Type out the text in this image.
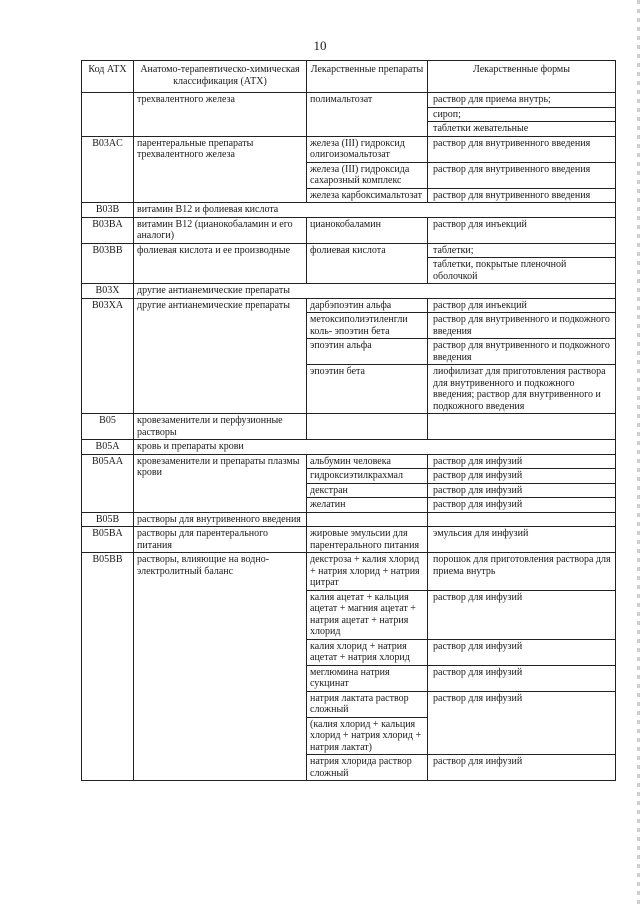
10
Код АТХ	Анатомо-терапевтическо-химическая классификация (АТХ)	Лекарственные препараты	Лекарственные формы
	трехвалентного железа	полимальтозат	раствор для приема внутрь;
			сироп;
			таблетки жевательные
B03AC	парентеральные препараты трехвалентного железа	железа (III) гидроксид олигоизомальтозат	раствор для внутривенного введения
		железа (III) гидроксида сахарозный комплекс	раствор для внутривенного введения
		железа карбоксимальтозат	раствор для внутривенного введения
B03B	витамин B12 и фолиевая кислота		
B03BA	витамин B12 (цианокобаламин и его аналоги)	цианокобаламин	раствор для инъекций
B03BB	фолиевая кислота и ее производные	фолиевая кислота	таблетки;
			таблетки, покрытые пленочной оболочкой
B03X	другие антианемические препараты		
B03XA	другие антианемические препараты	дарбэпоэтин альфа	раствор для инъекций
		метоксиполиэтиленгли коль- эпоэтин бета	раствор для внутривенного и подкожного введения
		эпоэтин альфа	раствор для внутривенного и подкожного введения
		эпоэтин бета	лиофилизат для приготовления раствора для внутривенного и подкожного введения; раствор для внутривенного и подкожного введения
B05	кровезаменители и перфузионные растворы		
B05A	кровь и препараты крови		
B05AA	кровезаменители и препараты плазмы крови	альбумин человека	раствор для инфузий
		гидроксиэтилкрахмал	раствор для инфузий
		декстран	раствор для инфузий
		желатин	раствор для инфузий
B05B	растворы для внутривенного введения		
B05BA	растворы для парентерального питания	жировые эмульсии для парентерального питания	эмульсия для инфузий
B05BB	растворы, влияющие на водно-электролитный баланс	декстроза + калия хлорид + натрия хлорид + натрия цитрат	порошок для приготовления раствора для приема внутрь
		калия ацетат + кальция ацетат + магния ацетат + натрия ацетат + натрия хлорид	раствор для инфузий
		калия хлорид + натрия ацетат + натрия хлорид	раствор для инфузий
		меглюмина натрия сукцинат	раствор для инфузий
		натрия лактата раствор сложный	раствор для инфузий
		(калия хлорид + кальция хлорид + натрия хлорид + натрия лактат)	
		натрия хлорида раствор сложный	раствор для инфузий
